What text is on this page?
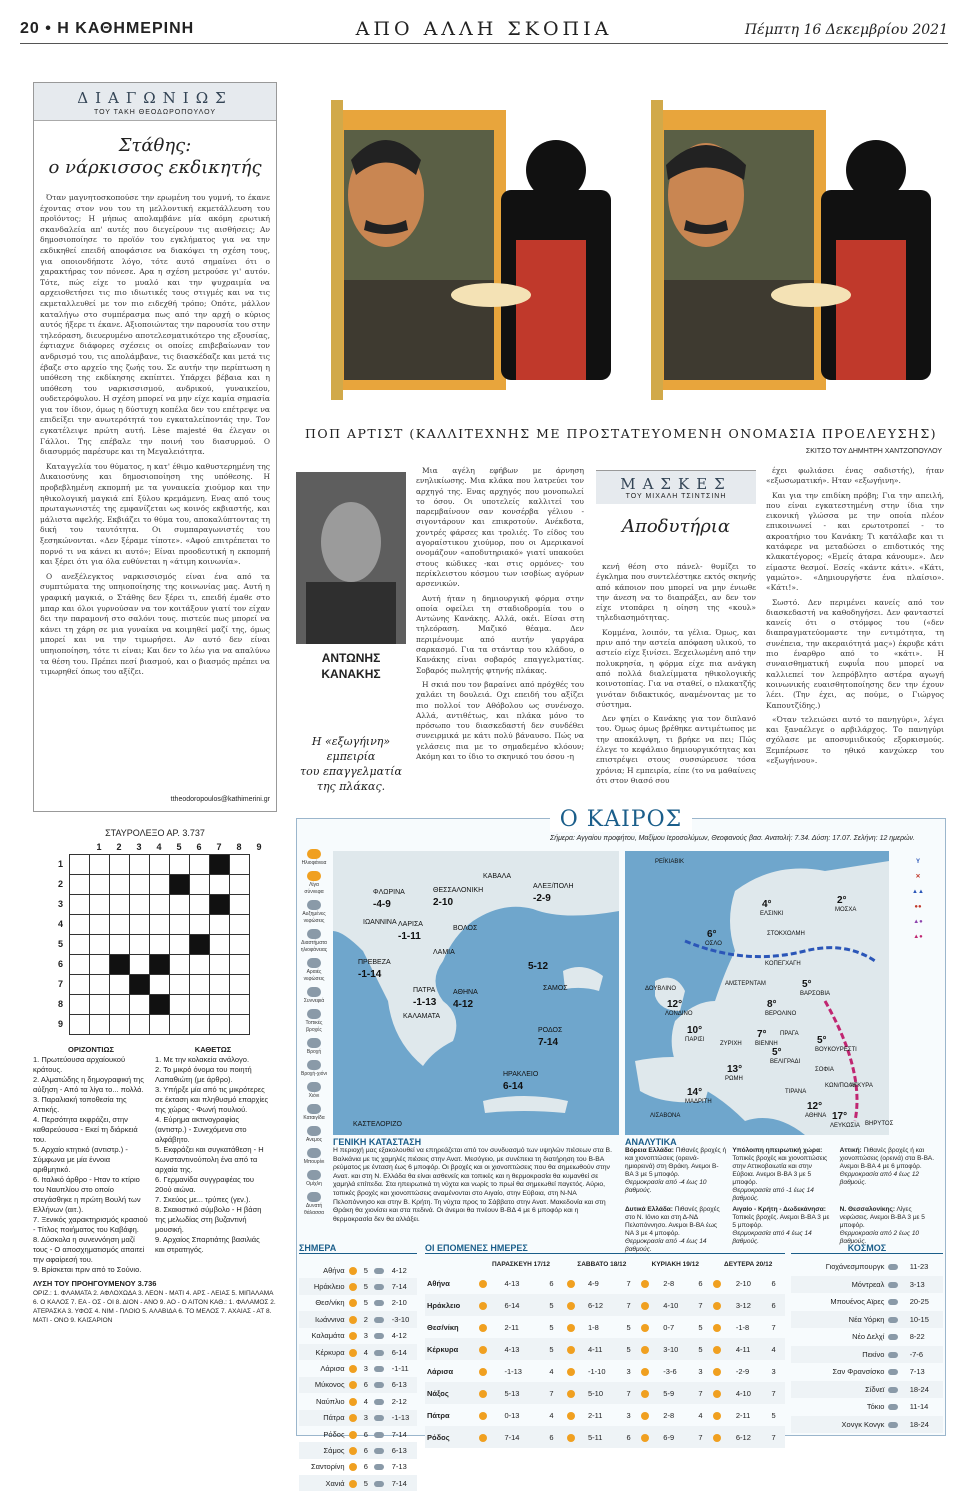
20 • Η ΚΑΘΗΜΕΡΙΝΗ	ΑΠΟ ΑΛΛΗ ΣΚΟΠΙΑ	Πέμπτη 16 Δεκεμβρίου 2021
ΔΙΑΓΩΝΙΩΣ
ΤΟΥ ΤΑΚΗ ΘΕΟΔΩΡΟΠΟΥΛΟΥ
Στάθης:
ο νάρκισσος εκδικητής

Όταν μαγνητοσκοπούσε την ερωμένη του γυμνή, το έκανε έχοντας στον νου του τη μελλοντική εκμετάλλευση του προϊόντος; Η μήπως απολαμβάνε μία ακόμη ερωτική σκανδαλεία απ' αυτές που διεγείρουν τις αισθήσεις; Αν δημοσιοποίησε το προϊόν του εγκλήματος για να την εκδικηθεί επειδή αποφάσισε να διακόψει τη σχέση τους, για οποιονδήποτε λόγο, τότε αυτό σημαίνει ότι ο χαρακτήρας τον πόνεσε. Αρα η σχέση μετρούσε γι' αυτόν. Τότε, πώς είχε το μυαλό και την ψυχραιμία να αρχειοθετήσει τις πιο ιδιωτικές τους στιγμές και να τις εκμεταλλευθεί με τον πιο ειδεχθή τρόπο; Οπότε, μάλλον καταλήγω στο συμπέρασμα πως από την αρχή ο κύριος αυτός ήξερε τι έκανε. Αξιοποιώντας την παρουσία του στην τηλεόραση, διευερυμένο αποτελεσματικότερο της εξουσίας, έφτιαχνε διάφορες σχέσεις οι οποίες επιβεβαίωναν τον ανδρισμό του, τις απολάμβανε, τις διασκέδαζε και μετά τις έβαζε στο αρχείο της ζωής του. Σε αυτήν την περίπτωση η υπόθεση της εκδίκησης εκπίπτει. Υπάρχει βέβαια και η υπόθεση του ναρκισσισμού, ανδρικού, γυναικείου, ουδετερόφυλου. Η σχέση μπορεί να μην είχε καμία σημασία για τον ίδιον, όμως η δύστυχη κοπέλα δεν του επέτρεψε να επιδείξει την ανωτερότητά του εγκαταλείποντάς την. Τον εγκατέλειψε πρώτη αυτή. Lèse majesté θα έλεγαν οι Γάλλοι. Της επέβαλε την ποινή του διασυρμού. Ο διασυρμός παρέσυρε και τη Μεγαλειότητα.

Καταγγελία του θύματος, η κατ' έθιμο καθυστερημένη της Δικαιοσύνης και δημοσιοποίηση της υπόθεσης. Η προβεβλημένη εκπομπή με τα γυναικεία χιούμορ και την ηθικολογική μαγκιά επί ξύλου κρεμάμενη. Ενας από τους πρωταγωνιστές της εμφανίζεται ως κοινός εκβιαστής, και μάλιστα αφελής. Εκβιάζει το θύμα του, αποκαλύπτοντας τη δική του ταυτότητα. Οι συμπαραγωνιστές του ξεσηκώνονται. «Δεν ξέραμε τίποτε». «Αφού επιτρέπεται το πορνό τι να κάνει κι αυτό»; Είναι προοδευτική η εκπομπή και ξέρει ότι για όλα ευθύνεται η «άτιμη κοινωνία».

Ο ανεξέλεγκτος ναρκισσισμός είναι ένα από τα συμπτώματα της υπηιοποίησης της κοινωνίας μας. Αυτή η γραφική μαγκιά, ο Στάθης δεν ξέρει τι, επειδή έμαθε στο μπαρ και όλοι γυρνούσαν να τον κοιτάξουν γιατί τον είχαν δει την παραμονή στο σαλόνι τους. πιστεύε πως μπορεί να κάνει τη χάρη σε μια γυναίκα να κοιμηθεί μαζί της, όμως μπορεί και να την τιμωρήσει. Αν αυτό δεν είναι υπηιοποίηση, τότε τι είναι; Και δεν το λέω για να απαλύνω τα θέση του. Πρέπει πεσί βιασμού, και ο βιασμός πρέπει να τιμωρηθεί όπως του αξίζει.

ttheodoropoulos@kathimerini.gr
ΠΟΠ ΑΡΤΙΣΤ (ΚΑΛΛΙΤΕΧΝΗΣ ΜΕ ΠΡΟΣΤΑΤΕΥΟΜΕΝΗ ΟΝΟΜΑΣΙΑ ΠΡΟΕΛΕΥΣΗΣ)
ΣΚΙΤΣΟ ΤΟΥ ΔΗΜΗΤΡΗ ΧΑΝΤΖΟΠΟΥΛΟΥ
ΑΝΤΩΝΗΣ
ΚΑΝΑΚΗΣ
Η «εξωγήινη»
εμπειρία
του επαγγελματία
της πλάκας.

Μια αγέλη εφήβων με άρνηση ενηλικίωσης. Μια κλάκα που λατρεύει τον αρχηγό της. Ενας αρχηγός που μονοπωλεί το όσου. Οι υποτελείς καλλιτεί του παρεμβαίνουν σαν κονσέρβα γέλιου - σιγοντάρουν και επικροτούν. Ανέκδοτα, χοντρές φάρσες και τρολιές. Το είδος του αγοραίστικου χιούμορ, που οι Αμερικανοί ονομάζουν «αποδυτηριακό» γιατί υπακούει στους κώδικες -και στις ορμόνες- του περίκλειστου κόσμου των ισοβίως αγόρων αρσενικών.

Αυτή ήταν η δημιουργική φόρμα στην οποία οφείλει τη σταδιοδρομία του ο Αντώνης Κανάκης. Αλλά, οκέι. Είσαι στη τηλεόραση. Μαζικό θέαμα. Δεν περιμένουμε από αυτήν γαργάρα σαρκασμό. Για τα στάνταρ του κλάδου, ο Κανάκης είναι σοβαρός επαγγελματίας. Σοβαρός πωλητής φτηνής πλάκας.

Η σκιά που τον βαραίνει από πρόχθές του χαλάει τη δουλειά. Οχι επειδή του αξίζει πιο πολλοί τον Αθόβολου ως συνένοχο. Αλλά, αντιθέτως, και πλάκα μόνο το πρόσωπο του διασκεδαστή δεν συνδέθει συνειρμικά με κάτι πολύ βάναυσο. Πώς να γελάσεις πια με το σημαδεμένο κλόουν; Ακόμη και το ίδιο το σκηνικό του όσου -η

ΜΑΣΚΕΣ
ΤΟΥ ΜΙΧΑΛΗ ΤΣΙΝΤΣΙΝΗ
Αποδυτήρια

κενή θέση στο πάνελ- θυμίζει το έγκλημα που συντελέστηκε εκτός σκηνής από κάποιον που μπορεί να μην ένιωθε την άνεση να το διαπράξει, αν δεν τον είχε ντοπάρει η οίηση της «κουλ» τηλεδιασημότητας.

Κομμένα, λοιπόν, τα γέλια. Όμως, και πριν από την αστεία απόφαση υλικού, το αστείο είχε ξινίσει. Ξεχειλωμένη από την πολυκρησία, η φόρμα είχε πια ανάγκη από πολλά διαλείμματα ηθικολογικής κοινοτοπίας. Για να σταθεί, ο πλακατζής γινόταν διδακτικός, αναμένοντας με το σύστημα.

Δεν ψηίει ο Κανάκης για τον διπλανό του. Όμως όμως βρέθηκε αντιμέτωπος με την αποκάλυψη, τι βρήκε να πει; Πώς έλεγε το κεφάλαιο δημιουργικότητας και επιστρέψει στους συσσώρευσε τόσα χρόνια; Η εμπειρία, είπε (το να μαθαίνεις ότι στον θιασό σου

έχει φωλιάσει ένας σαδιστής), ήταν «εξωσωματική». Ηταν «εξωγήινη».

Και για την επιδίκη πρόβη; Για την απειλή, που είναι εγκατεστημένη στην ίδια την εικονική γλώσσα με την οποία πλέον επικοινωνεί - και ερωτοτροπεί - το ακροατήριο του Κανάκη; Τι κατάλαβε και τι κατάφερε να μεταδώσει ο επιδοτικός της κλακατέγορος; «Εμείς άταρα κάνουμε». Δεν είμαστε θεσμοί. Εσείς «κάντε κάτι». «Κάτι, γαμώτο». «Δημιουργήστε ένα πλαίσιο». «Κάτι!».

Σωστό. Δεν περιμένει κανείς από τον διασκεδαστή να καθοδηγήσει. Δεν φανταστεί κανείς ότι ο στόμφος του («δεν διαπραγματεύομαστε την εντιμότητα, τη συνέπεια, την ακεραιότητά μας») έκρυβε κάτι πιο έναρθρο από το «κάτι». Η συναισθηματική ευφυΐα που μπορεί να καλλιεπεί τον λεπρόβλητο αστέρα αγωγή κοινωνικής ευαισθητοποίησης δεν την έχουν λέει. (Την έχει, ας πούμε, ο Γιώργος Καπουτζίδης.)

«Όταν τελειώσει αυτό το πανηγύρι», λέγει και ξαναέλεγε ο αρβιλάρχος. Το πανηγύρι σχόλασε με αποσυμιιδικούς εξορκισμούς. Ξεμπέρωσε το ηθικό κανχώκερ του «εξωγήινου».

ΣΤΑΥΡΟΛΕΞΟ ΑΡ. 3.737
1	2	3	4	5	6	7	8	9
1
2
3
4
5
6
7
8
9

ΟΡΙΖΟΝΤΙΩΣ
1. Πρωτεύουσα αρχαίουκού κράτους.
2. Αλματώδης η δημογραφική της αύξηση - Από τα λίγα το... πολλά.
3. Παραλιακή τοποθεσία της Αττικής.
4. Περσότητα εκφράζει, στην καθαρεύουσα - Εκεί τη διάρκειά του.
5. Αρχαίο κτητικό (αντιστρ.) - Σύμφωνα με μία έννοια αριθμητικό.
6. Ιταλικό άρθρο - Ηταν το κτίριο του Ναυπλίου στο οποίο στεγάσθηκε η πρώτη Βουλή των Ελλήνων (αιτ.).
7. Ξενικός χαρακτηρισμός κρασιού - Τίτλος ποιήματος του Καβάφη.
8. Δύσκολα η συνεννόηση μαζί τους - Ο αποσχηματισμός απαιτεί την αφαίρεσή του.
9. Βρίσκεται πριν από το Σούνιο.
ΚΑΘΕΤΩΣ
1. Με την κολακεία ανάλογο.
2. Το μικρό όνομα του ποιητή Λαπαθιώτη (με άρθρο).
3. Υπήρξε μία από τις μικρότερες σε έκταση και πληθυσμό επαρχίες της χώρας - Φωνή πουλιού.
4. Εύρημα ακτινογραφίας (αντιστρ.) - Συνεχόμενα στο αλφάβητο.
5. Εκφράζει και συγκατάθεση - Η Κωνσταντινούπολη ένα από τα αρχαία της.
6. Γερμανίδα συγγραφέας του 20ού αιώνα.
7. Σκεύος με... τρύπες (γεν.).
8. Σκακιστικό σύμβολο - Η βάση της μελωδίας στη βυζαντινή μουσική.
9. Αρχαίος Σπαρτιάτης βασιλιάς και στρατηγός.
ΛΥΣΗ ΤΟΥ ΠΡΟΗΓΟΥΜΕΝΟΥ 3.736
ΟΡΙΖ.: 1. ΦΛΑΜΑΤΑ 2. ΑΦΛΟΧΩΔΑ 3. ΛΕΟΝ - ΜΑΤΙ 4. ΑΡΣ - ΛΕΙΑΣ 5. ΜΙΠΑΛΑΜΑ 6. Ο ΚΑΛΟΣ 7. ΕΑ - ΟΣ - ΟΙ 8. ΔΙΟΝ - ΑΝΟ 9. ΑΟ - Ο ΑΙΤΟΝ ΚΑΘ.: 1. ΦΑΛΑΜΟΣ 2. ΑΤΕΡΑΣΚΑ 3. ΥΦΟΣ 4. ΝΙΜ - ΠΛΟΙΟ 5. ΑΛΑΒΙΔΑ 6. ΤΟ ΜΕΛΟΣ 7. ΑΧΑΙΑΣ - ΑΤ 8. ΜΑΤΙ - ΟΝΟ 9. ΚΑΙΣΑΡΙΟΝ
Ο ΚΑΙΡΟΣ
Σήμερα: Αγγαίου προφήτου, Μαξίμου Ιεροσολύμων, Θεοφανούς βασ. Ανατολή: 7.34. Δύση: 17.07. Σελήνη: 12 ημερών.
Ηλιοφάνεια
Λίγα σύννεφα
Αυξημένες νεφώσεις
Διαστήματα ηλιοφάνειας
Αραιές νεφώσεις
Συννεφιά
Τοπικές βροχές
Βροχή
Βροχή-χιόνι
Χιόνι
Καταιγίδα
Ανεμος
Μπουρίνι
Ομίχλη
Δυνατή θάλασσα
ΦΛΩΡΙΝΑ
-4-9
ΘΕΣΣΑΛΟΝΙΚΗ
2-10
ΚΑΒΑΛΑ
ΑΛΕΞ/ΠΟΛΗ
-2-9
ΙΩΑΝΝΙΝΑ ΛΑΡΙΣΑ
-1-11
ΒΟΛΟΣ
ΠΡΕΒΕΖΑ
-1-14
ΛΑΜΙΑ
ΠΑΤΡΑ
-1-13
ΑΘΗΝΑ
4-12
ΣΑΜΟΣ
ΚΑΛΑΜΑΤΑ
ΡΟΔΟΣ
7-14
ΗΡΑΚΛΕΙΟ
6-14
ΚΑΣΤΕΛΟΡΙΖΟ
5-12
ΡΕΪΚΙΑΒΙΚ
ΕΛΣΙΝΚΙ
4°
ΣΤΟΚΧΟΛΜΗ
ΜΟΣΧΑ
2°
ΟΣΛΟ
6°
ΚΟΠΕΓΧΑΓΗ
ΔΟΥΒΛΙΝΟ
ΑΜΣΤΕΡΝΤΑΜ
ΒΑΡΣΟΒΙΑ
5°
ΛΟΝΔΙΝΟ
12°
ΒΕΡΟΛΙΝΟ
8°
ΠΡΑΓΑ
ΠΑΡΙΣΙ
10°
ΖΥΡΙΧΗ ΒΙΕΝΝΗ
7°
ΒΟΥΚΟΥΡΕΣΤΙ
5°
ΒΕΛΙΓΡΑΔΙ
5°
ΣΟΦΙΑ
ΚΩΝ/ΠΟΛΗ
ΑΓΚΥΡΑ
ΡΩΜΗ
13°
ΤΙΡΑΝΑ
ΜΑΔΡΙΤΗ
14°
ΑΘΗΝΑ
12°
ΛΕΥΚΩΣΙΑ
17°
ΛΙΣΑΒΟΝΑ
ΒΗΡΥΤΟΣ
Y
✕
▲▲
●●
▲●
▲●
ΓΕΝΙΚΗ ΚΑΤΑΣΤΑΣΗ
Η περιοχή μας εξακολουθεί να επηρεάζεται από τον συνδυασμό των υψηλών πιέσεων στα Β. Βαλκάνια με τις χαμηλές πιέσεις στην Ανατ. Μεσόγειο, με συνέπεια τη διατήρηση του Β-ΒΑ ρεύματος με ένταση έως 6 μποφόρ. Οι βροχές και οι χιονοπτώσεις που θα σημειωθούν στην Ανατ. και στη Ν. Ελλάδα θα είναι ασθενείς και τοπικές και η θερμοκρασία θα κυμανθεί σε χαμηλά επίπεδα. Στα ηπειρωτικά τη νύχτα και νωρίς το πρωί θα σημειωθεί παγετός. Αύριο, τοπικές βροχές και χιονοπτώσεις αναμένονται στο Αιγαίο, στην Εύβοια, στη Ν-ΝΑ Πελοπόννησο και στην Β. Κρήτη. Τη νύχτα προς το Σάββατο στην Ανατ. Μακεδονία και στη Θράκη θα χιονίσει και στα πεδινά. Οι άνεμοι θα πνέουν Β-ΒΔ 4 με 6 μποφόρ και η θερμοκρασία δεν θα αλλάξει.
ΑΝΑΛΥΤΙΚΑ
Βόρεια Ελλάδα: Πιθανές βροχές ή και χιονοπτώσεις (ορεινά-ημιορεινά) στη Θράκη. Ανεμοι Β-ΒΑ 3 με 5 μποφόρ.
Θερμοκρασία από -4 έως 10 βαθμούς.
Υπόλοιπη ηπειρωτική χώρα: Τοπικές βροχές και χιονοπτώσεις στην Αττικοβοιωτία και στην Εύβοια. Ανεμοι Β-ΒΑ 3 με 5 μποφόρ.
Θερμοκρασία από -1 έως 14 βαθμούς.
Αττική: Πιθανές βροχές ή και χιονοπτώσεις (ορεινά) στα Β-ΒΑ. Ανεμοι Β-ΒΑ 4 με 6 μποφόρ.
Θερμοκρασία από 4 έως 12 βαθμούς.
Δυτικά Ελλάδα: Πιθανές βροχές στο Ν. Ιόνιο και στη Δ-ΝΔ Πελοπόννησο. Ανεμοι Β-ΒΑ έως ΝΑ 3 με 4 μποφόρ.
Θερμοκρασία από -4 έως 14 βαθμούς.
Αιγαίο - Κρήτη - Δωδεκάνησα: Τοπικές βροχές. Ανεμοι Β-ΒΑ 3 με 5 μποφόρ.
Θερμοκρασία από 4 έως 14 βαθμούς.
Ν. Θεσσαλονίκης: Λίγες νεφώσεις. Ανεμοι Β-ΒΑ 3 με 5 μποφόρ.
Θερμοκρασία από 2 έως 10 βαθμούς.
ΣΗΜΕΡΑ
Αθήνα		5		4-12
Ηράκλειο		5		7-14
Θεσ/νίκη		5		2-10
Ιωάννινα		2		-3-10
Καλαμάτα		3		4-12
Κέρκυρα		4		6-14
Λάρισα		3		-1-11
Μύκονος		6		6-13
Ναύπλιο		4		2-12
Πάτρα		3		-1-13
Ρόδος		6		7-14
Σάμος		6		6-13
Σαντορίνη		6		7-13
Χανιά		5		7-14
ΟΙ ΕΠΟΜΕΝΕΣ ΗΜΕΡΕΣ
	ΠΑΡΑΣΚΕΥΗ 17/12			ΣΑΒΒΑΤΟ 18/12			ΚΥΡΙΑΚΗ 19/12			ΔΕΥΤΕΡΑ 20/12		
Αθήνα		4-13	6		4-9	7		2-8	6		2-10	6
Ηράκλειο		6-14	5		6-12	7		4-10	7		3-12	6
Θεσ/νίκη		2-11	5		1-8	5		0-7	5		-1-8	7
Κέρκυρα		4-13	5		4-11	5		3-10	5		4-11	4
Λάρισα		-1-13	4		-1-10	3		-3-6	3		-2-9	3
Νάξος		5-13	7		5-10	7		5-9	7		4-10	7
Πάτρα		0-13	4		2-11	3		2-8	4		2-11	5
Ρόδος		7-14	6		5-11	6		6-9	7		6-12	7
ΚΟΣΜΟΣ
Γιοχάνεσμπουργκ		11-23
Μόντρεαλ		3-13
Μπουένος Αϊρες		20-25
Νέα Υόρκη		10-15
Νέο Δελχί		8-22
Πεκίνο		-7-6
Σαν Φρανσίσκο		7-13
Σίδνεϊ		18-24
Τόκιο		11-14
Χονγκ Κονγκ		18-24
